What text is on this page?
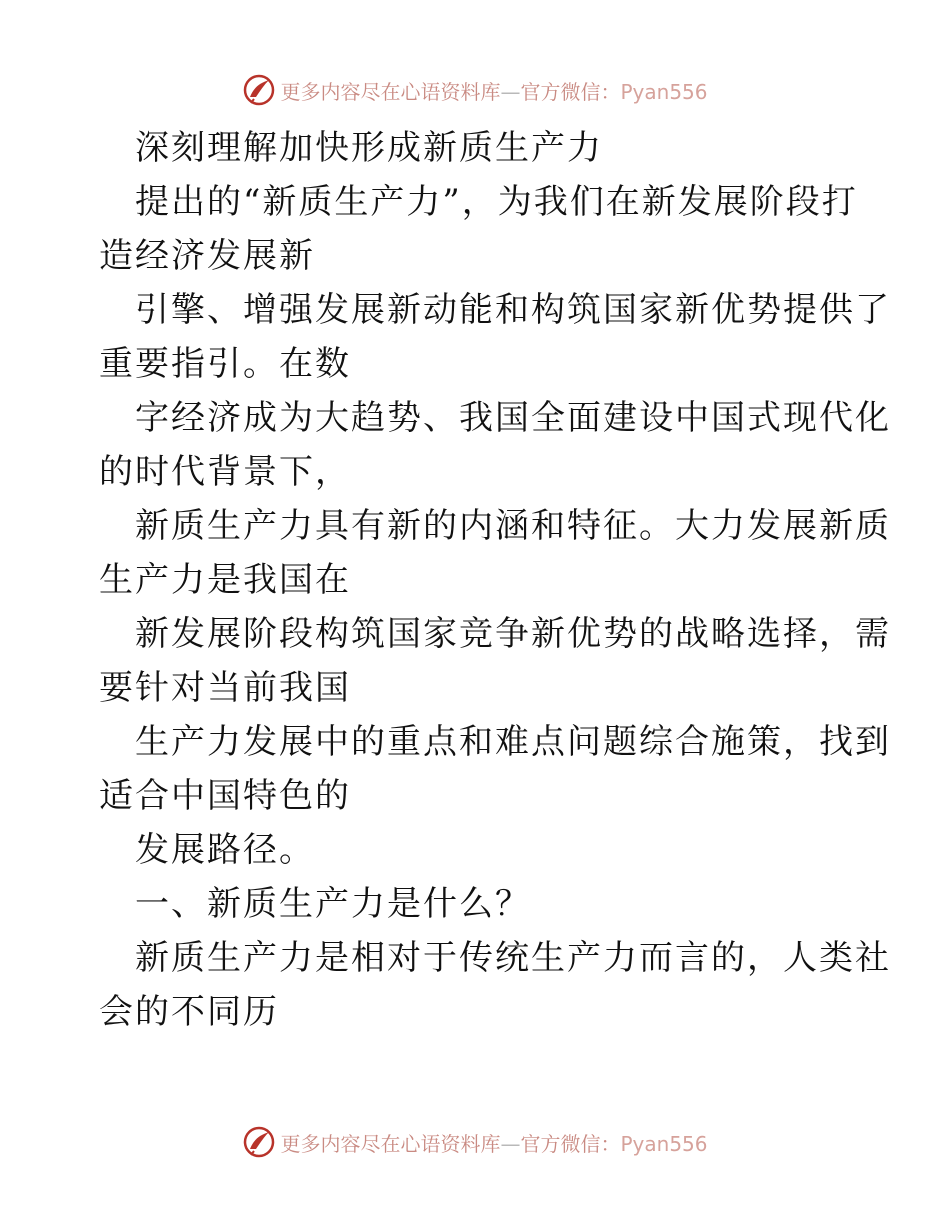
更多内容尽在心语资料库—官方微信：Pyan556
深刻理解加快形成新质生产力
提出的“新质生产力”，为我们在新发展阶段打
造经济发展新
引擎、增强发展新动能和构筑国家新优势提供了
重要指引。在数
字经济成为大趋势、我国全面建设中国式现代化
的时代背景下，
新质生产力具有新的内涵和特征。大力发展新质
生产力是我国在
新发展阶段构筑国家竞争新优势的战略选择，需
要针对当前我国
生产力发展中的重点和难点问题综合施策，找到
适合中国特色的
发展路径。
一、新质生产力是什么？
新质生产力是相对于传统生产力而言的，人类社
会的不同历
更多内容尽在心语资料库—官方微信：Pyan556
